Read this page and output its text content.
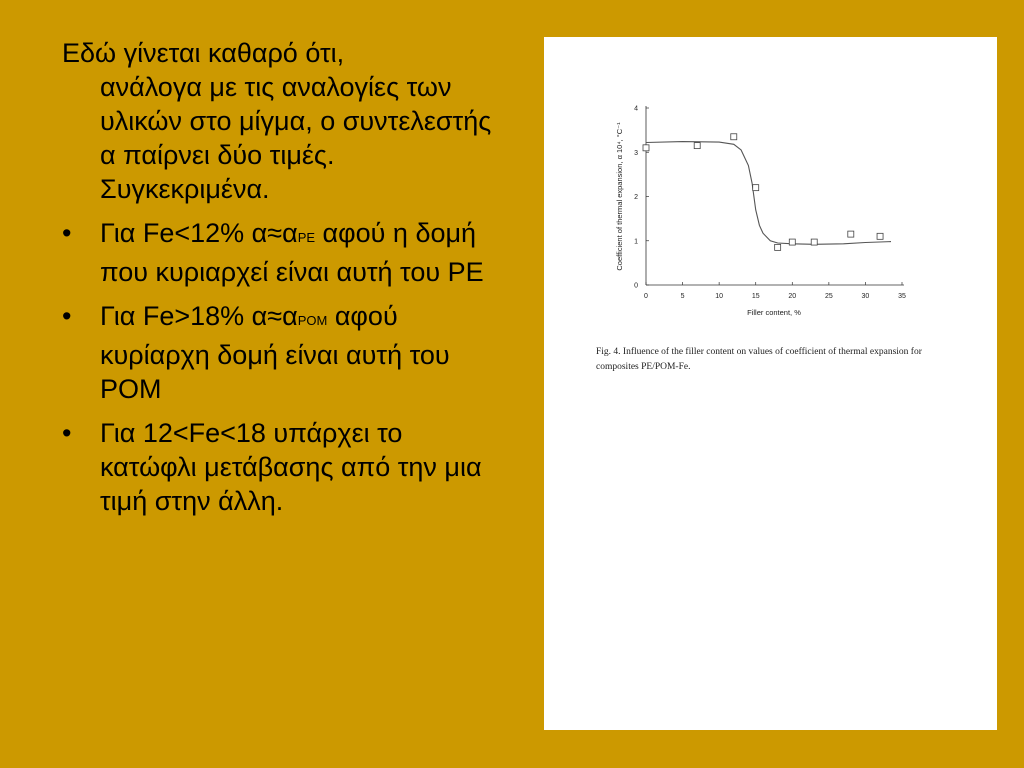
Εδώ γίνεται καθαρό ότι,
ανάλογα με τις αναλογίες των υλικών στο μίγμα, ο συντελεστής α παίρνει δύο τιμές. Συγκεκριμένα.

• Για Fe<12% α≈αPE αφού η δομή που κυριαρχεί είναι αυτή του PE
• Για Fe>18% α≈αPOM αφού κυρίαρχη δομή είναι αυτή του POM
• Για 12<Fe<18 υπάρχει το κατώφλι μετάβασης από την μια τιμή στην άλλη.
0	5	10	15	20	25	30	35
0
1
2
3
4
Filler content, %
Coefficient of thermal expansion, α 10⁴, °C⁻¹
Fig. 4. Influence of the filler content on values of coefficient of thermal expansion for composites PE/POM-Fe.
